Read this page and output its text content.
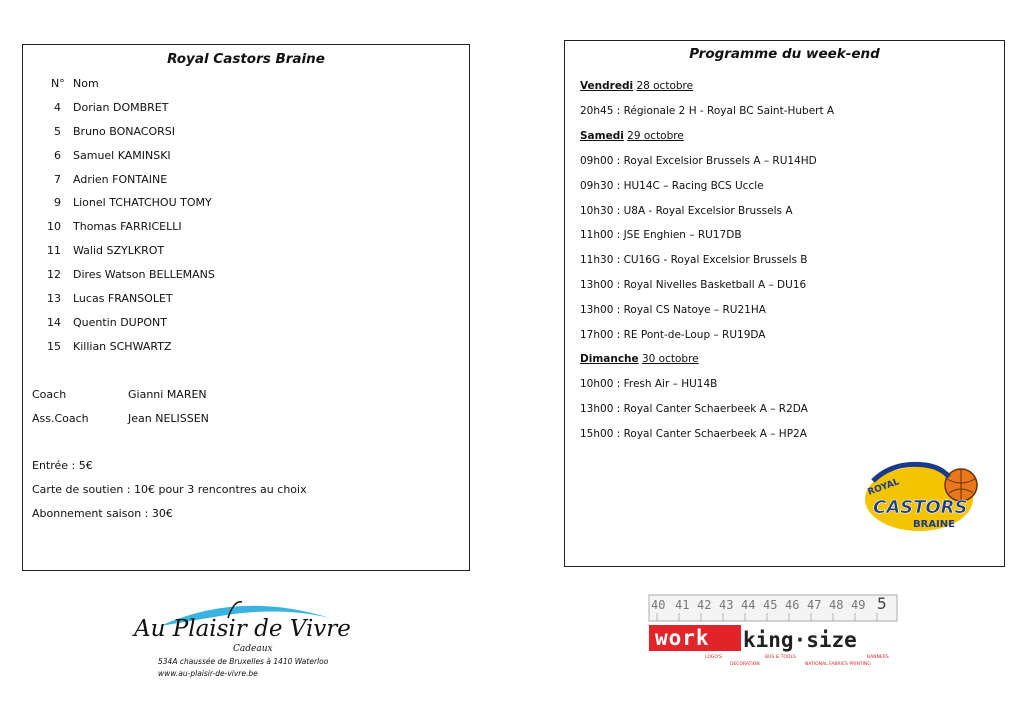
Royal Castors Braine
N° Nom
4 Dorian DOMBRET
5 Bruno BONACORSI
6 Samuel KAMINSKI
7 Adrien FONTAINE
9 Lionel TCHATCHOU TOMY
10 Thomas FARRICELLI
11 Walid SZYLKROT
12 Dires Watson BELLEMANS
13 Lucas FRANSOLET
14 Quentin DUPONT
15 Killian SCHWARTZ
Coach	Gianni MAREN
Ass.Coach	Jean NELISSEN
Entrée : 5€
Carte de soutien : 10€ pour 3 rencontres au choix
Abonnement saison : 30€
Programme du week-end
Vendredi 28 octobre
20h45 : Régionale 2 H - Royal BC Saint-Hubert A
Samedi 29 octobre
09h00 : Royal Excelsior Brussels A – RU14HD
09h30 : HU14C – Racing BCS Uccle
10h30 : U8A - Royal Excelsior Brussels A
11h00 : JSE Enghien – RU17DB
11h30 : CU16G - Royal Excelsior Brussels B
13h00 : Royal Nivelles Basketball A – DU16
13h00 : Royal CS Natoye – RU21HA
17h00 : RE Pont-de-Loup – RU19DA
Dimanche 30 octobre
10h00 : Fresh Air – HU14B
13h00 : Royal Canter Schaerbeek A – R2DA
15h00 : Royal Canter Schaerbeek A – HP2A
ROYAL
CASTORS
BRAINE
Au Plaisir de Vivre
Cadeaux
534A chaussée de Bruxelles à 1410 Waterloo
www.au-plaisir-de-vivre.be
40 41 42 43 44 45 46 47 48 49 5
work king·size
LOGO'S
DECORATION
BUS & TOOLS
NATIONAL FABRICS PRINTING
BANNERS
